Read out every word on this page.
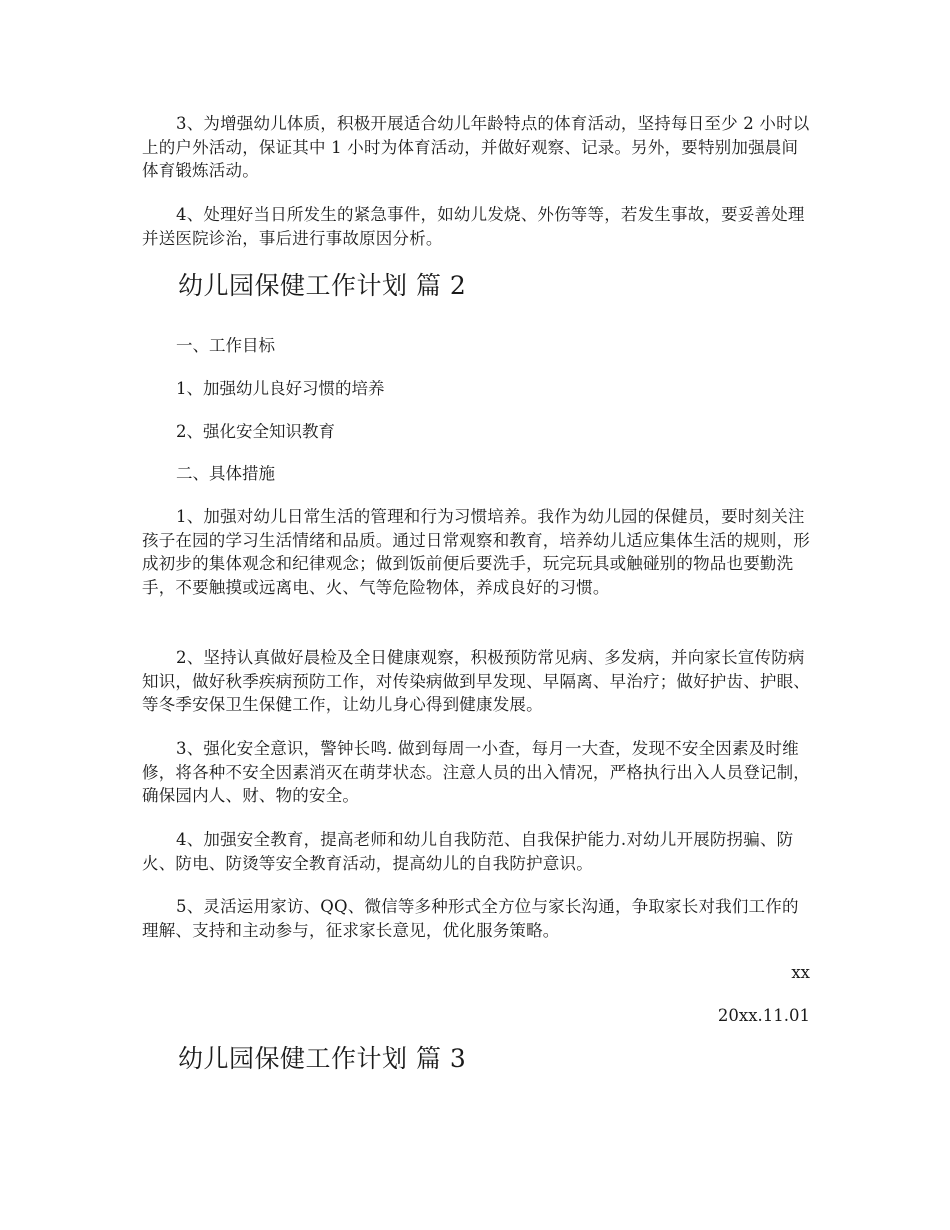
3、为增强幼儿体质，积极开展适合幼儿年龄特点的体育活动，坚持每日至少 2 小时以上的户外活动，保证其中 1 小时为体育活动，并做好观察、记录。另外，要特别加强晨间体育锻炼活动。

4、处理好当日所发生的紧急事件，如幼儿发烧、外伤等等，若发生事故，要妥善处理并送医院诊治，事后进行事故原因分析。

幼儿园保健工作计划 篇 2

一、工作目标

1、加强幼儿良好习惯的培养

2、强化安全知识教育

二、具体措施

1、加强对幼儿日常生活的管理和行为习惯培养。我作为幼儿园的保健员，要时刻关注孩子在园的学习生活情绪和品质。通过日常观察和教育，培养幼儿适应集体生活的规则，形成初步的集体观念和纪律观念；做到饭前便后要洗手，玩完玩具或触碰别的物品也要勤洗手，不要触摸或远离电、火、气等危险物体，养成良好的习惯。

2、坚持认真做好晨检及全日健康观察，积极预防常见病、多发病，并向家长宣传防病知识，做好秋季疾病预防工作，对传染病做到早发现、早隔离、早治疗；做好护齿、护眼、等冬季安保卫生保健工作，让幼儿身心得到健康发展。

3、强化安全意识，警钟长鸣. 做到每周一小查，每月一大查，发现不安全因素及时维修，将各种不安全因素消灭在萌芽状态。注意人员的出入情况，严格执行出入人员登记制，确保园内人、财、物的安全。

4、加强安全教育，提高老师和幼儿自我防范、自我保护能力.对幼儿开展防拐骗、防火、防电、防烫等安全教育活动，提高幼儿的自我防护意识。

5、灵活运用家访、QQ、微信等多种形式全方位与家长沟通，争取家长对我们工作的理解、支持和主动参与，征求家长意见，优化服务策略。

xx

20xx.11.01

幼儿园保健工作计划 篇 3
